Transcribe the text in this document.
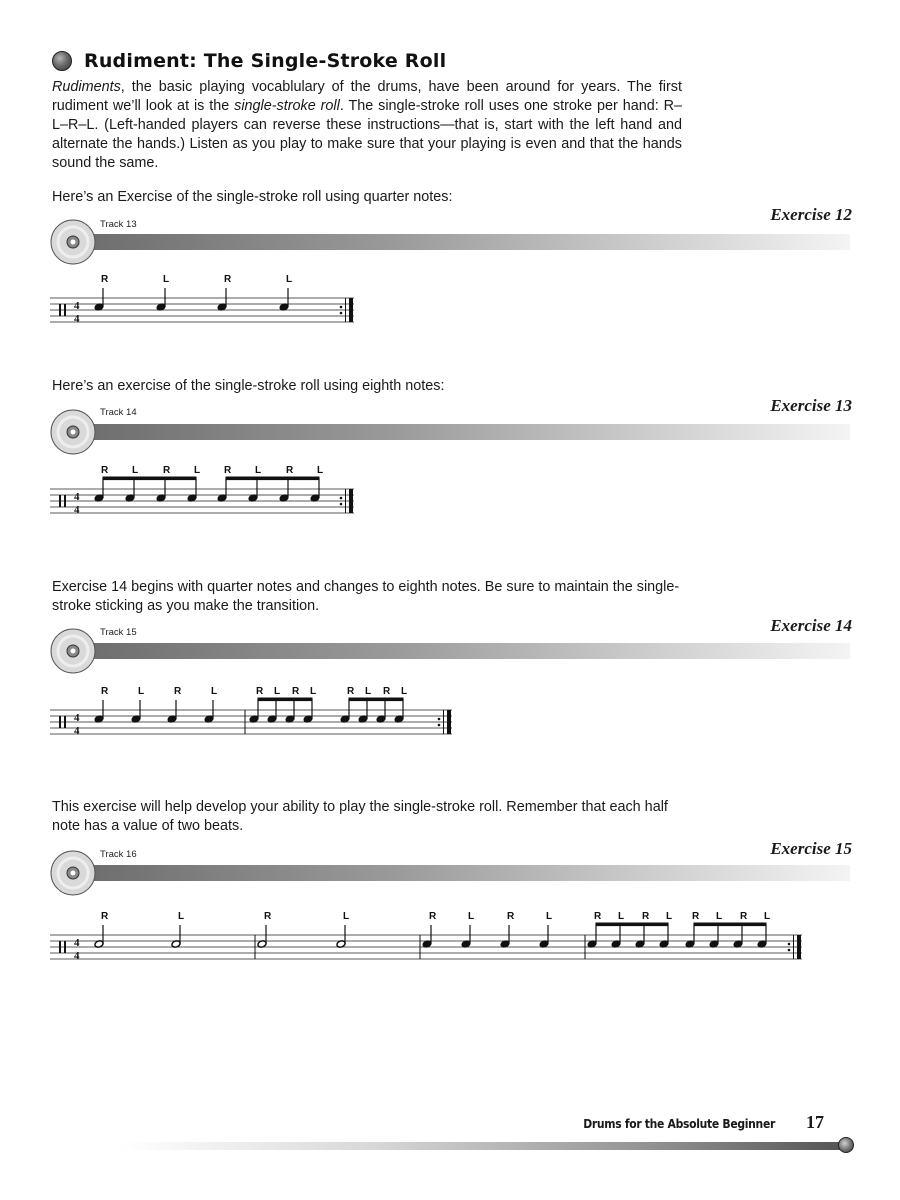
Rudiment: The Single-Stroke Roll
Rudiments, the basic playing vocablulary of the drums, have been around for years. The first rudiment we’ll look at is the single-stroke roll. The single-stroke roll uses one stroke per hand: R–L–R–L. (Left-handed players can reverse these instructions—that is, start with the left hand and alternate the hands.) Listen as you play to make sure that your playing is even and that the hands sound the same.
Here’s an Exercise of the single-stroke roll using quarter notes:
Exercise 12
Track 13
R	L	R	L
4
4
Here’s an exercise of the single-stroke roll using eighth notes:
Exercise 13
Track 14
R L R L R L R L
4
4
Exercise 14 begins with quarter notes and changes to eighth notes. Be sure to maintain the single-stroke sticking as you make the transition.
Exercise 14
Track 15
R	L	R	L	R L R L	R L R L
4
4
This exercise will help develop your ability to play the single-stroke roll. Remember that each half note has a value of two beats.
Exercise 15
Track 16
R	L	R	L	R	L	R	L	R L R L R L R L
4
4
Drums for the Absolute Beginner 17
